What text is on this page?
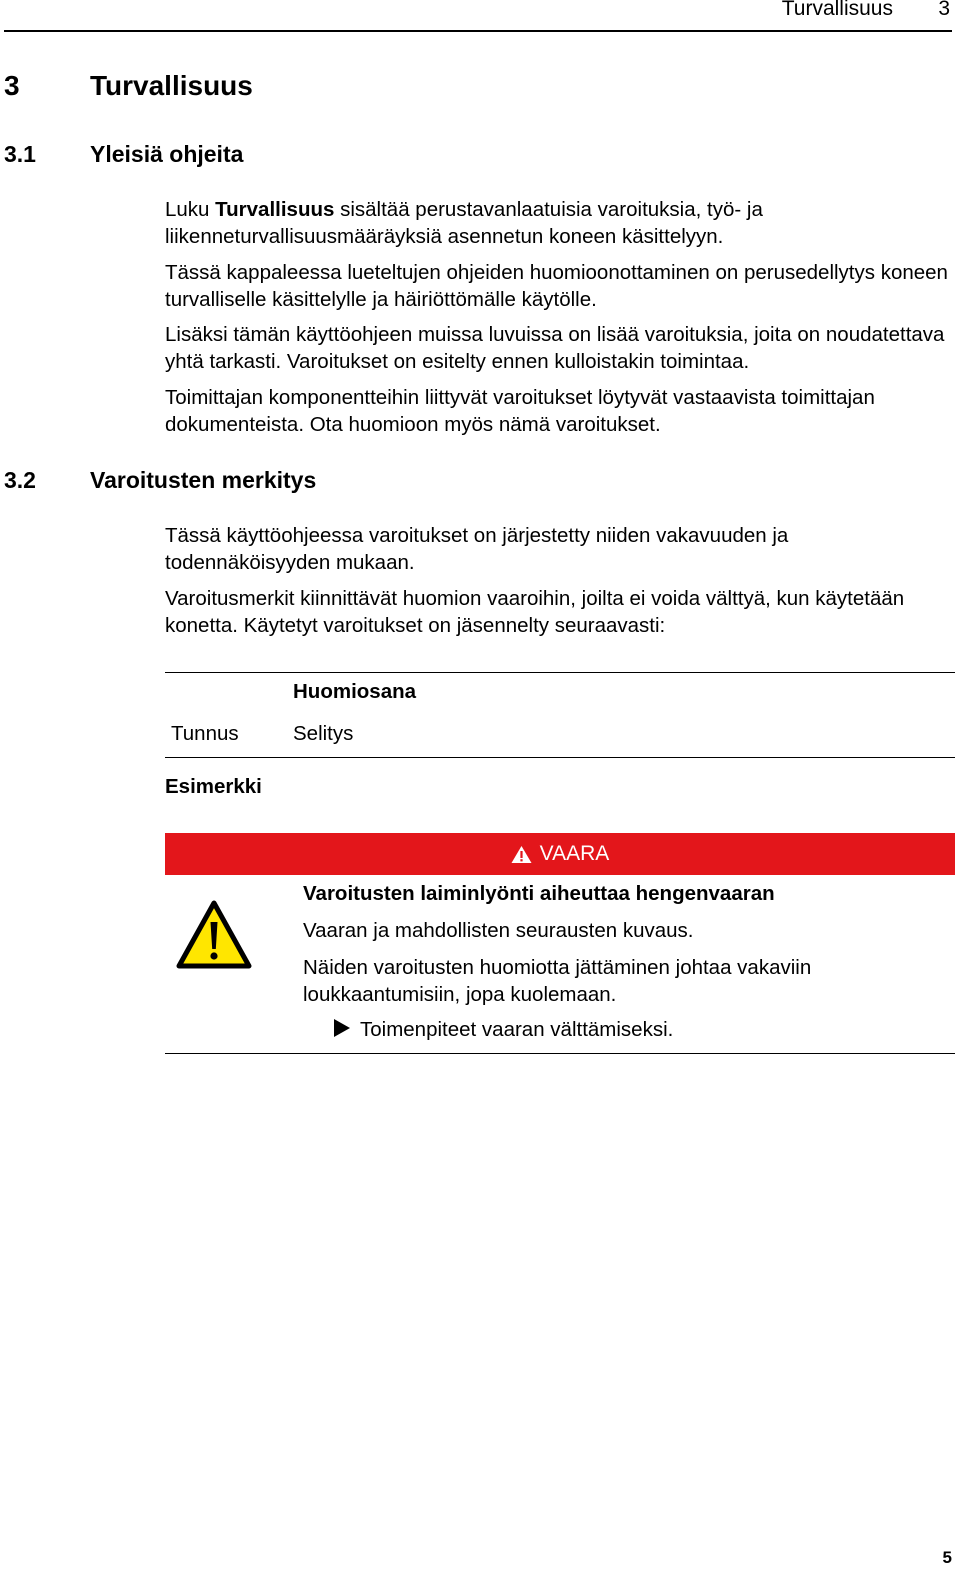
Turvallisuus 3
3	Turvallisuus
3.1 Yleisiä ohjeita

Luku Turvallisuus sisältää perustavanlaatuisia varoituksia, työ- ja liikenneturvallisuusmääräyksiä asennetun koneen käsittelyyn.

Tässä kappaleessa lueteltujen ohjeiden huomioonottaminen on perusedellytys koneen turvalliselle käsittelylle ja häiriöttömälle käytölle.

Lisäksi tämän käyttöohjeen muissa luvuissa on lisää varoituksia, joita on noudatettava yhtä tarkasti. Varoitukset on esitelty ennen kulloistakin toimintaa.

Toimittajan komponentteihin liittyvät varoitukset löytyvät vastaavista toimittajan dokumenteista. Ota huomioon myös nämä varoitukset.

3.2 Varoitusten merkitys

Tässä käyttöohjeessa varoitukset on järjestetty niiden vakavuuden ja todennäköisyyden mukaan.

Varoitusmerkit kiinnittävät huomion vaaroihin, joilta ei voida välttyä, kun käytetään konetta. Käytetyt varoitukset on jäsennelty seuraavasti:

Huomiosana
Tunnus	Selitys
Esimerkki
VAARA
Varoitusten laiminlyönti aiheuttaa hengenvaaran
Vaaran ja mahdollisten seurausten kuvaus.

Näiden varoitusten huomiotta jättäminen johtaa vakaviin loukkaantumisiin, jopa kuolemaan.

Toimenpiteet vaaran välttämiseksi.
5
